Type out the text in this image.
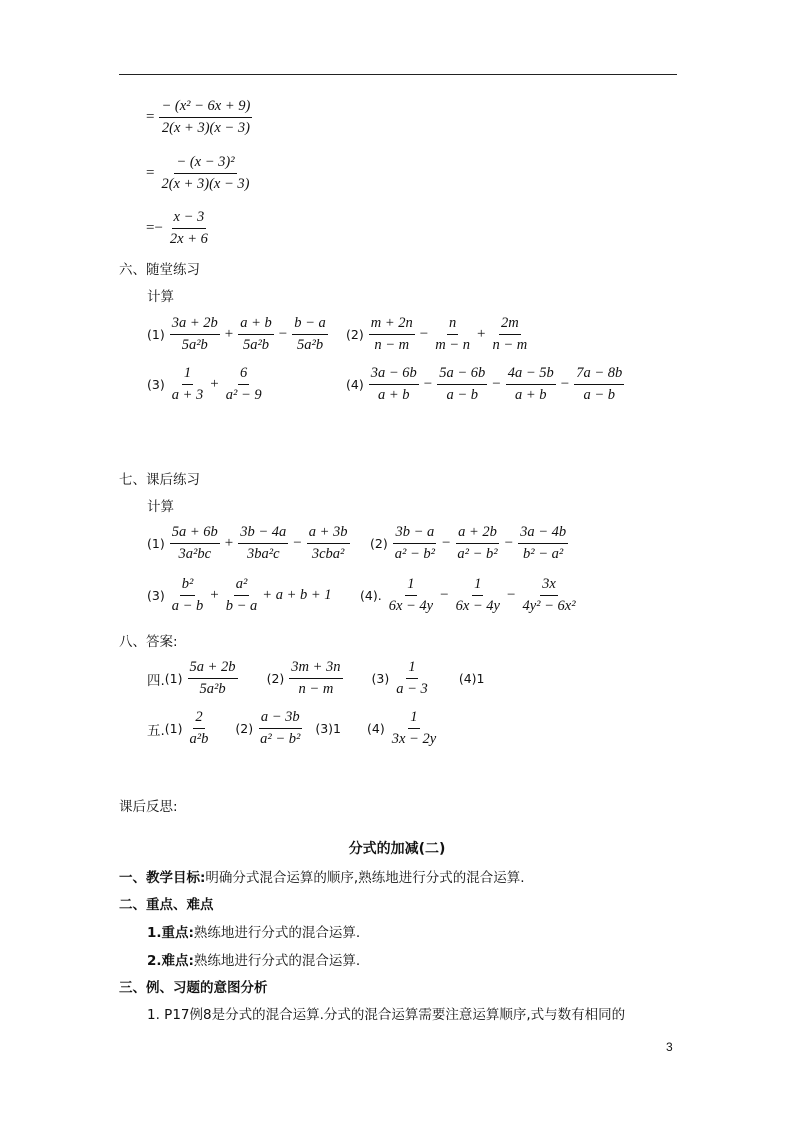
= $\frac{\text{− (x² − 6x + 9)}}{2(x + 3)(x - 3)}$
= $\frac{\text{− (x − 3)²}}{2(x + 3)(x - 3)}$
=− $\frac{x - 3}{2x + 6}$
六、随堂练习
计算
$(1) \frac{3a + 2b}{\text{5a²b}} + \frac{a + b}{\text{5a²b}} - \frac{b - a}{\text{5a²b}} (2) \frac{m + 2n}{n - m} - \frac{n}{m - n} + \frac{2m}{n - m}$
$(3) \frac{1}{a + 3} + \frac{6}{\text{a² − 9}}$	$(4) \frac{3a - 6b}{a + b} - \frac{5a - 6b}{a - b} - \frac{4a - 5b}{a + b} - \frac{7a - 8b}{a - b}$
七、课后练习
计算
$(1) \frac{5a + 6b}{\text{3a²bc}} + \frac{3b - 4a}{\text{3ba²c}} - \frac{a + 3b}{\text{3cba²}} (2) \frac{3b - a}{\text{a² − b²}} - \frac{a + 2b}{\text{a² − b²}} - \frac{3a - 4b}{\text{b² − a²}}$
$(3) \frac{\text{b²}}{a - b} + \frac{\text{a²}}{b - a} + a + b + 1$ (4). $\frac{1}{6x - 4y} - \frac{1}{6x - 4y} - \frac{3x}{\text{4y² − 6x²}}$
八、答案:
四. $(1) \frac{5a + 2b}{\text{5a²b}} (2) \frac{3m + 3n}{n - m} (3) \frac{1}{a - 3} (4)1$
五. $(1) \frac{2}{\text{a²b}} (2) \frac{a - 3b}{\text{a² − b²}} (3)1$ $(4) \frac{1}{3x - 2y}$
课后反思:
分式的加减(二)
一、教学目标: 明确分式混合运算的顺序,熟练地进行分式的混合运算.
二、重点、难点
1.重点: 熟练地进行分式的混合运算.
2.难点: 熟练地进行分式的混合运算.
三、例、习题的意图分析
1. P17例8是分式的混合运算.分式的混合运算需要注意运算顺序,式与数有相同的
3
